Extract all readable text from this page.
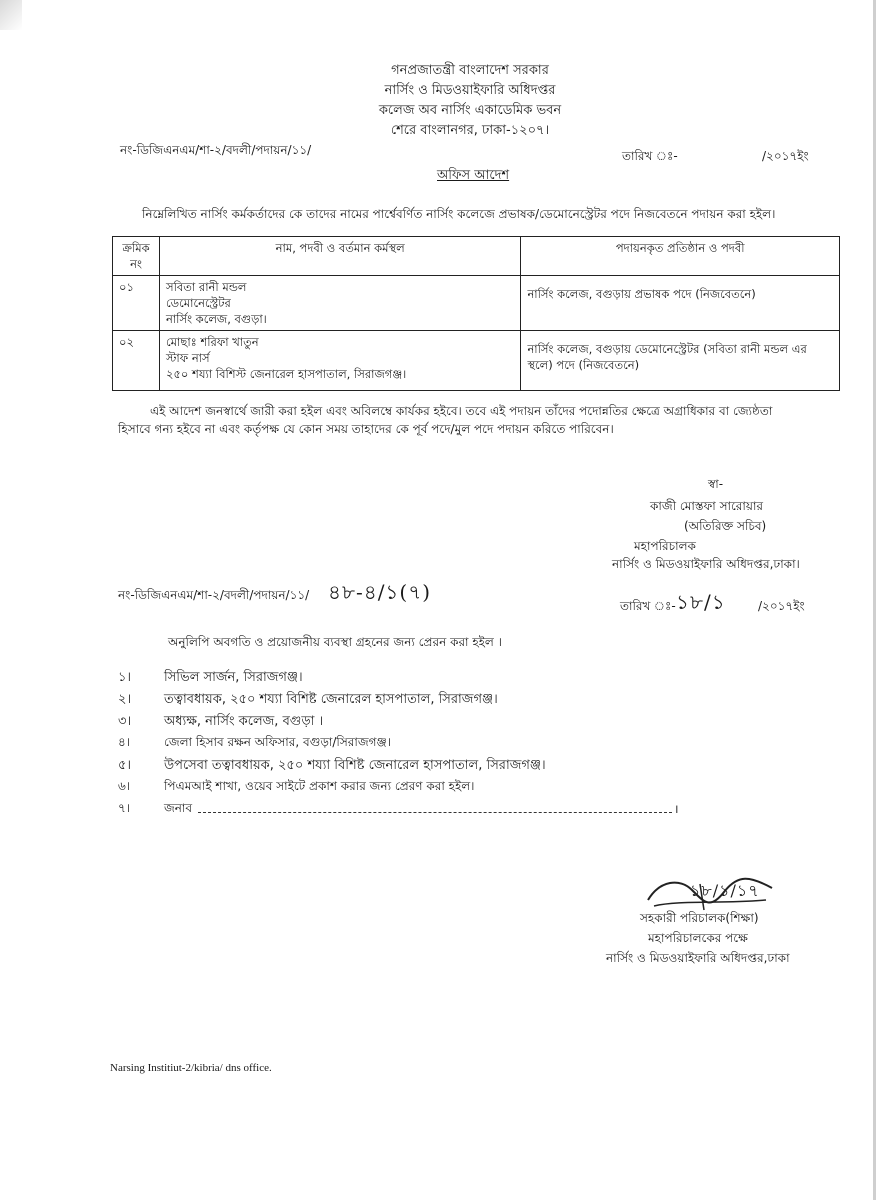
গনপ্রজাতন্ত্রী বাংলাদেশ সরকার
নার্সিং ও মিডওয়াইফারি অধিদপ্তর
কলেজ অব নার্সিং একাডেমিক ভবন
শেরে বাংলানগর, ঢাকা-১২০৭।
নং-ডিজিএনএম/শা-২/বদলী/পদায়ন/১১/	তারিখ ঃ-	/২০১৭ইং
অফিস আদেশ
নিম্নেলিখিত নার্সিং কর্মকর্তাদের কে তাদের নামের পার্শ্বেবর্ণিত নার্সিং কলেজে প্রভাষক/ডেমোনেস্ট্রেটর পদে নিজবেতনে পদায়ন করা হইল।
ক্রমিক নং	নাম, পদবী ও বর্তমান কর্মস্থল	পদায়নকৃত প্রতিষ্ঠান ও পদবী
০১	সবিতা রানী মন্ডল
ডেমোনেস্ট্রেটর
নার্সিং কলেজ, বগুড়া।	নার্সিং কলেজ, বগুড়ায় প্রভাষক পদে (নিজবেতনে)

০২	মোছাঃ শরিফা খাতুন
স্টাফ নার্স
২৫০ শয্যা বিশিস্ট জেনারেল হাসপাতাল, সিরাজগঞ্জ।	নার্সিং কলেজ, বগুড়ায় ডেমোনেস্ট্রেটর (সবিতা রানী মন্ডল এর
স্থলে) পদে (নিজবেতনে)
এই আদেশ জনস্বার্থে জারী করা হইল এবং অবিলম্বে কার্যকর হইবে। তবে এই পদায়ন তাঁদের পদোন্নতির ক্ষেত্রে অগ্রাধিকার বা জ্যেষ্ঠতা
হিসাবে গন্য হইবে না এবং কর্তৃপক্ষ যে কোন সময় তাহাদের কে পূর্ব পদে/মুল পদে পদায়ন করিতে পারিবেন।
স্বা-
কাজী মোস্তফা সারোয়ার
(অতিরিক্ত সচিব)
মহাপরিচালক
নার্সিং ও মিডওয়াইফারি অধিদপ্তর,ঢাকা।
নং-ডিজিএনএম/শা-২/বদলী/পদায়ন/১১/ ৪৮-৪/১(৭)
তারিখ ঃ- ১৮/১	/২০১৭ইং
অনুলিপি অবগতি ও প্রয়োজনীয় ব্যবস্থা গ্রহনের জন্য প্রেরন করা হইল ।
১।	সিভিল সার্জন, সিরাজগঞ্জ।
২।	তত্বাবধায়ক, ২৫০ শয্যা বিশিষ্ট জেনারেল হাসপাতাল, সিরাজগঞ্জ।
৩।	অধ্যক্ষ, নার্সিং কলেজ, বগুড়া ।
৪।	জেলা হিসাব রক্ষন অফিসার, বগুড়া/সিরাজগঞ্জ।
৫।	উপসেবা তত্বাবধায়ক, ২৫০ শয্যা বিশিষ্ট জেনারেল হাসপাতাল, সিরাজগঞ্জ।
৬।	পিএমআই শাখা, ওয়েব সাইটে প্রকাশ করার জন্য প্রেরণ করা হইল।
৭।	জনাব	।
১৮/১/১৭
সহকারী পরিচালক(শিক্ষা)
মহাপরিচালকের পক্ষে
নার্সিং ও মিডওয়াইফারি অধিদপ্তর,ঢাকা
Narsing Institiut-2/kibria/ dns office.
